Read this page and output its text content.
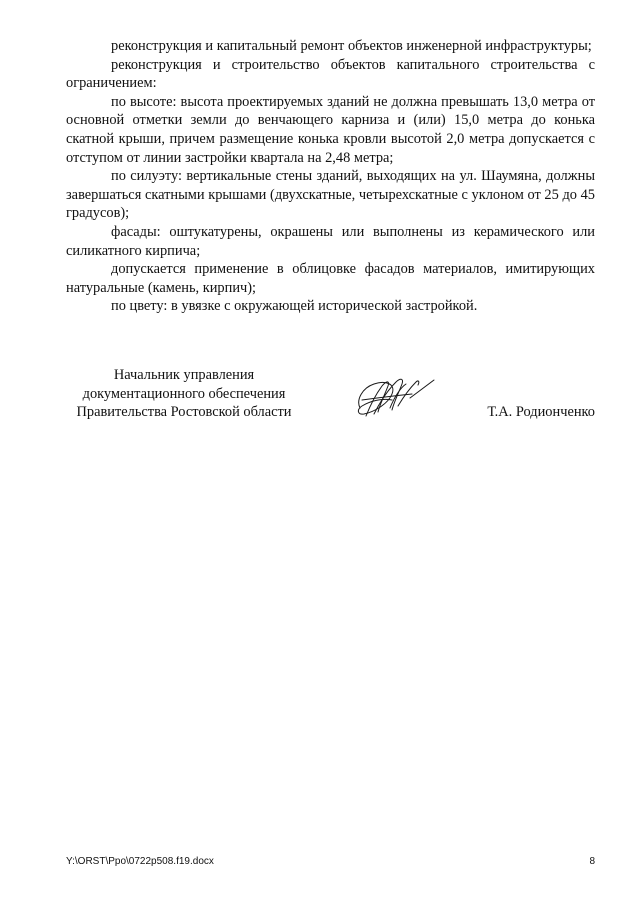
реконструкция и капитальный ремонт объектов инженерной инфраструктуры;

реконструкция и строительство объектов капитального строительства с ограничением:

по высоте: высота проектируемых зданий не должна превышать 13,0 метра от основной отметки земли до венчающего карниза и (или) 15,0 метра до конька скатной крыши, причем размещение конька кровли высотой 2,0 метра допускается с отступом от линии застройки квартала на 2,48 метра;

по силуэту: вертикальные стены зданий, выходящих на ул. Шаумяна, должны завершаться скатными крышами (двухскатные, четырехскатные с уклоном от 25 до 45 градусов);

фасады: оштукатурены, окрашены или выполнены из керамического или силикатного кирпича;

допускается применение в облицовке фасадов материалов, имитирующих натуральные (камень, кирпич);

по цвету: в увязке с окружающей исторической застройкой.

Начальник управления
документационного обеспечения
Правительства Ростовской области	Т.А. Родионченко
Y:\ORST\Ppo\0722p508.f19.docx	8
